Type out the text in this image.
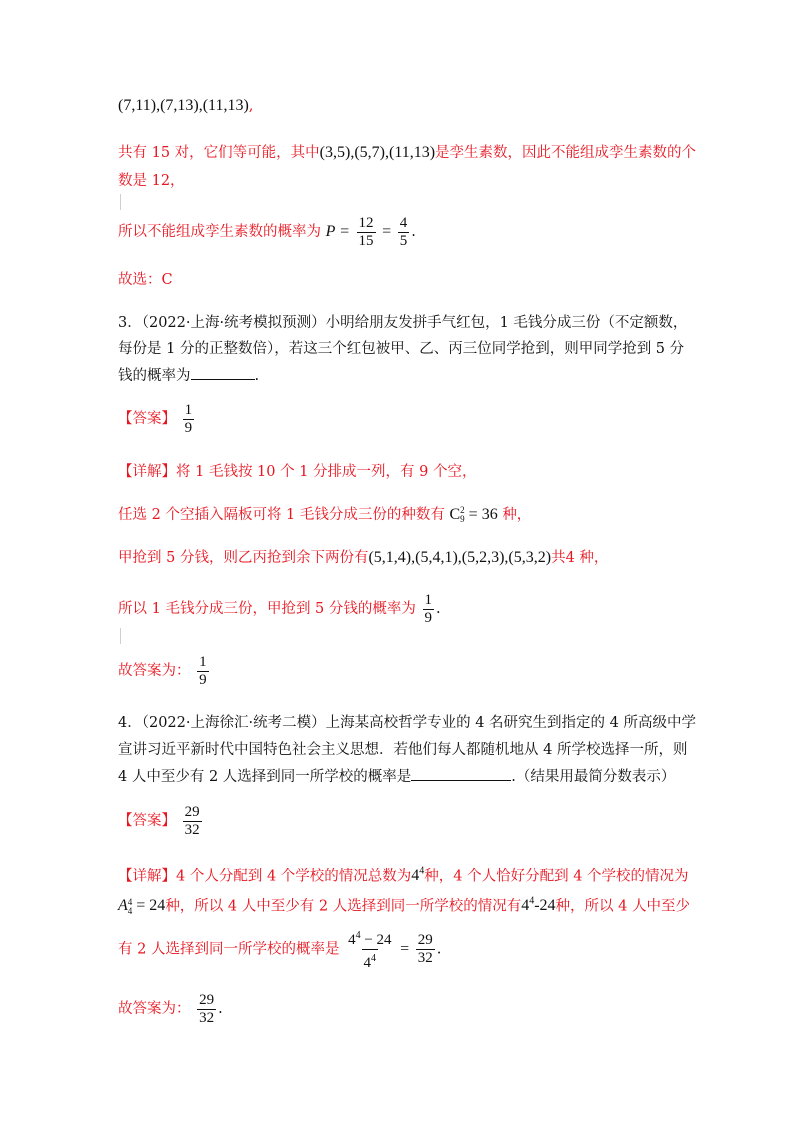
(7,11),(7,13),(11,13),
共有 15 对，它们等可能，其中(3,5),(5,7),(11,13)是孪生素数，因此不能组成孪生素数的个
数是 12，
所以不能组成孪生素数的概率为 $P = \frac{12}{15} = \frac{4}{5}$ .
故选：C
3．（2022·上海·统考模拟预测）小明给朋友发拼手气红包，1 毛钱分成三份（不定额数，
每份是 1 分的正整数倍），若这三个红包被甲、乙、丙三位同学抢到，则甲同学抢到 5 分
钱的概率为	.
【答案】 $\frac{1}{9}$
【详解】将 1 毛钱按 10 个 1 分排成一列，有 9 个空，
任选 2 个空插入隔板可将 1 毛钱分成三份的种数有 C 2
9 = 36 种，
甲抢到 5 分钱，则乙丙抢到余下两份有(5,1,4),(5,4,1),(5,2,3),(5,3,2)共4 种，
所以 1 毛钱分成三份，甲抢到 5 分钱的概率为 $\frac{1}{9}$ .
故答案为： $\frac{1}{9}$
4．（2022·上海徐汇·统考二模）上海某高校哲学专业的 4 名研究生到指定的 4 所高级中学
宣讲习近平新时代中国特色社会主义思想．若他们每人都随机地从 4 所学校选择一所，则
4 人中至少有 2 人选择到同一所学校的概率是	.（结果用最简分数表示）
【答案】 $\frac{29}{32}$
【详解】4 个人分配到 4 个学校的情况总数为$4^4$种，4 个人恰好分配到 4 个学校的情况为
A 4
4 = 24种，所以 4 人中至少有 2 人选择到同一所学校的情况有$4^4-24$种，所以 4 人中至少
有 2 人选择到同一所学校的概率是 $\frac{4^4 - 24}{4^4} = \frac{29}{32}$ .
故答案为： $\frac{29}{32}$ .
